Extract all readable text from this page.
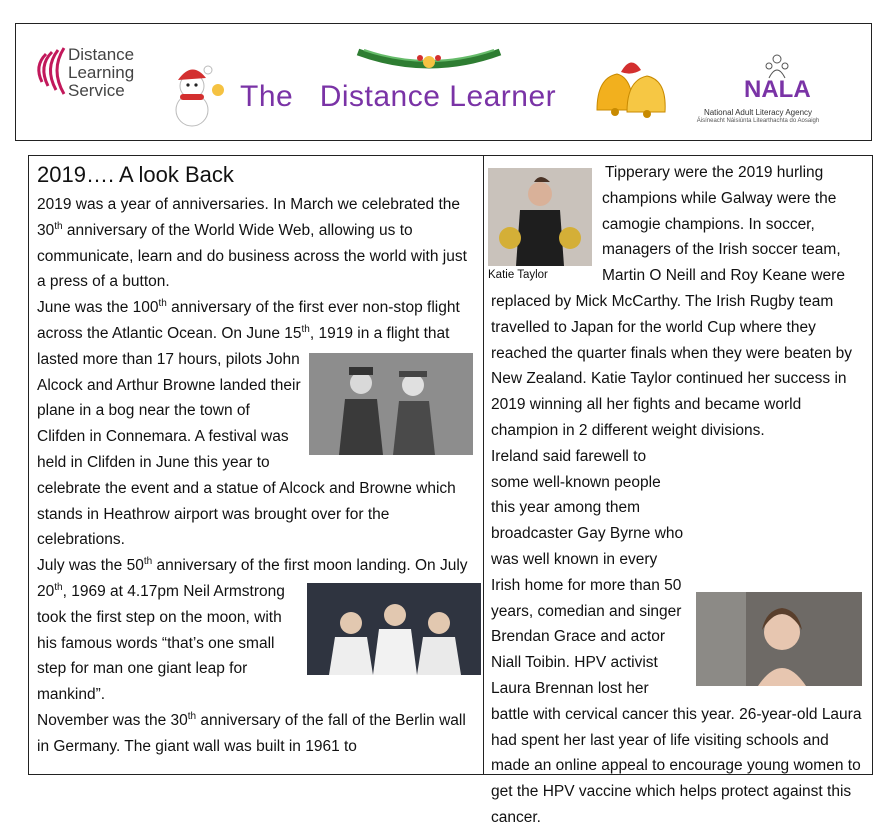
Distance
Learning
Service	The   Distance Learner	NALA
National Adult Literacy Agency
Áisíneacht Náisiúnta Litearthachta do Aosaigh
2019…. A look Back

2019 was a year of anniversaries. In March we celebrated the 30th anniversary of the World Wide Web, allowing us to communicate, learn and do business across the world with just a press of a button.

June was the 100th anniversary of the first ever non-stop flight across the Atlantic Ocean. On June 15th
, 1919 in a flight that lasted more than 17 hours, pilots John Alcock and Arthur Browne landed their plane in a bog near the town of Clifden in Connemara. A festival was held in Clifden in June this year to celebrate the event and a statue of Alcock and Browne which stands in Heathrow airport was brought over for the celebrations.

July was the 50th anniversary of the first moon landing. On July 20th
, 1969 at 4.17pm Neil Armstrong took the first step on the moon, with his famous words “that’s one small step for man one giant leap for mankind”.

November was the 30th anniversary of the fall of the Berlin wall in Germany. The giant wall was built in 1961 to

Katie Taylor
Tipperary were the 2019 hurling champions while Galway were the camogie champions. In soccer, managers of the Irish soccer team, Martin O Neill and Roy Keane were replaced by Mick McCarthy. The Irish Rugby team travelled to Japan for the world Cup where they reached the quarter finals when they were beaten by New Zealand. Katie Taylor continued her success in 2019 winning all her fights and became world champion in 2 different weight divisions.

Ireland said farewell to some well-known people this year among them broadcaster Gay Byrne who was well known in every Irish home for more than 50 years, comedian and singer Brendan Grace and actor Niall Toibin. HPV activist Laura Brennan lost her battle with cervical cancer this year. 26-year-old Laura had spent her last year of life visiting schools and made an online appeal to encourage young women to get the HPV vaccine which helps protect against this cancer.
